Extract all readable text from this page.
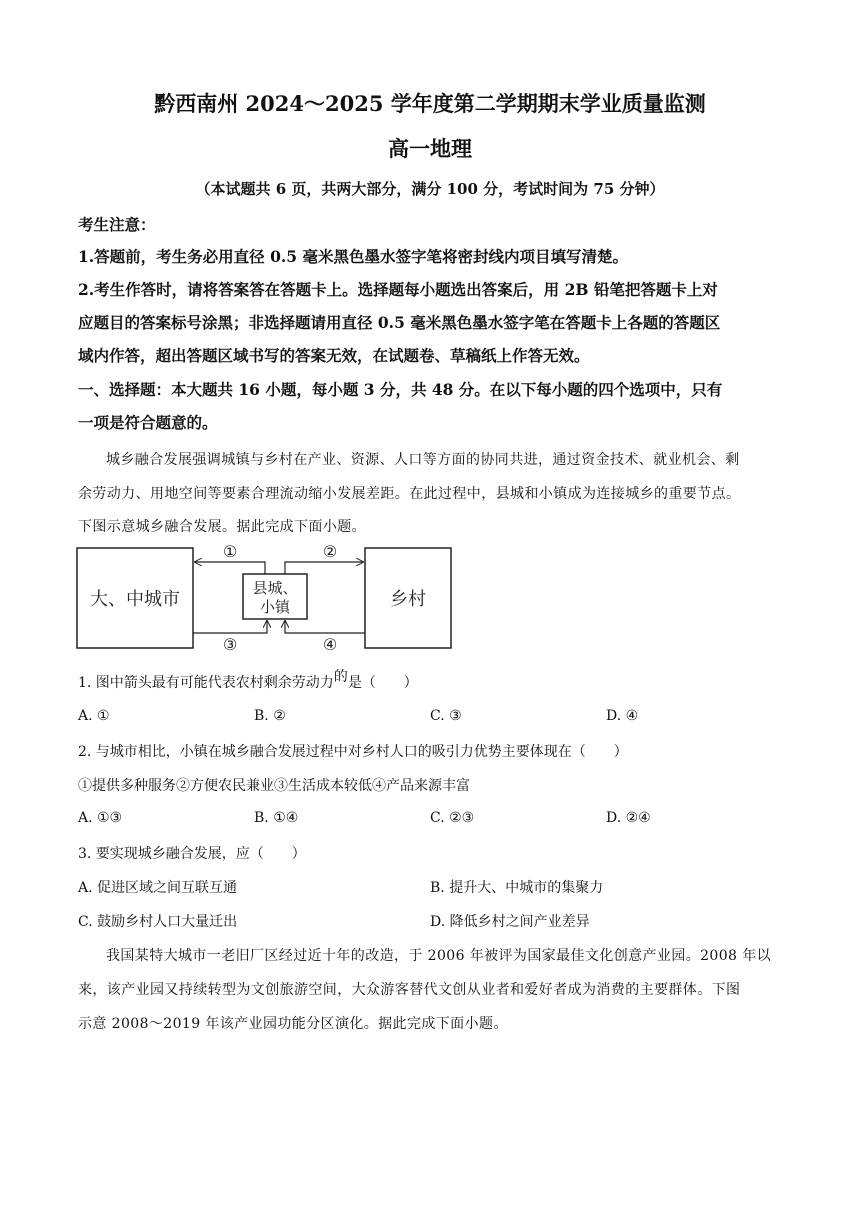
黔西南州 2024～2025 学年度第二学期期末学业质量监测
高一地理
（本试题共 6 页，共两大部分，满分 100 分，考试时间为 75 分钟）
考生注意：
1.答题前，考生务必用直径 0.5 毫米黑色墨水签字笔将密封线内项目填写清楚。
2.考生作答时，请将答案答在答题卡上。选择题每小题选出答案后，用 2B 铅笔把答题卡上对
应题目的答案标号涂黑；非选择题请用直径 0.5 毫米黑色墨水签字笔在答题卡上各题的答题区
域内作答，超出答题区域书写的答案无效，在试题卷、草稿纸上作答无效。
一、选择题：本大题共 16 小题，每小题 3 分，共 48 分。在以下每小题的四个选项中，只有
一项是符合题意的。
城乡融合发展强调城镇与乡村在产业、资源、人口等方面的协同共进，通过资金技术、就业机会、剩
余劳动力、用地空间等要素合理流动缩小发展差距。在此过程中，县城和小镇成为连接城乡的重要节点。
下图示意城乡融合发展。据此完成下面小题。
大、中城市	乡村
县城、
小镇
①	②
③	④
1. 图中箭头最有可能代表农村剩余劳动力的是（　　）
A. ①	B. ②	C. ③	D. ④
2. 与城市相比，小镇在城乡融合发展过程中对乡村人口的吸引力优势主要体现在（　　）
①提供多种服务②方便农民兼业③生活成本较低④产品来源丰富
A. ①③	B. ①④	C. ②③	D. ②④
3. 要实现城乡融合发展，应（　　）
A. 促进区域之间互联互通	B. 提升大、中城市的集聚力
C. 鼓励乡村人口大量迁出	D. 降低乡村之间产业差异
我国某特大城市一老旧厂区经过近十年的改造，于 2006 年被评为国家最佳文化创意产业园。2008 年以
来，该产业园又持续转型为文创旅游空间，大众游客替代文创从业者和爱好者成为消费的主要群体。下图
示意 2008～2019 年该产业园功能分区演化。据此完成下面小题。
